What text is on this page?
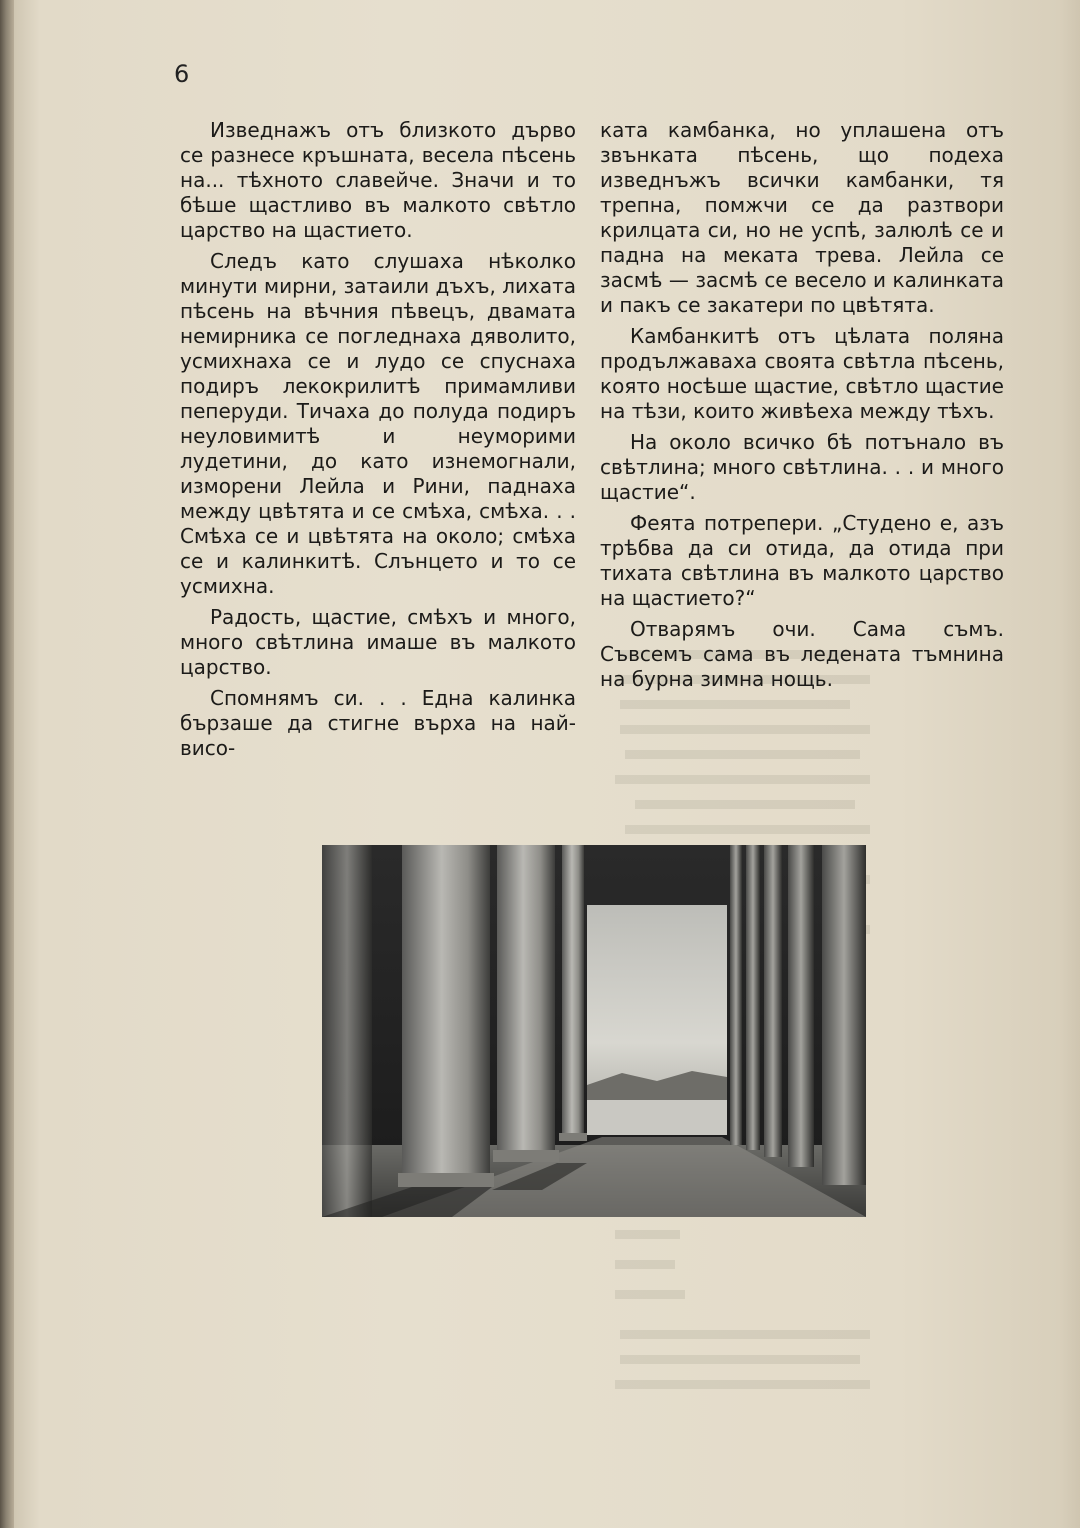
6

Изведнажъ отъ близкото дърво се разнесе кръшната, весела пѣсень на... тѣхното славейче. Значи и то бѣше щастливо въ малкото свѣтло царство на щастието.

Следъ като слушаха нѣколко минути мирни, затаили дъхъ, лихата пѣсень на вѣчния пѣвецъ, двамата немирника се погледнаха дяволито, усмихнаха се и лудо се спуснаха подиръ лекокрилитѣ примамливи пеперуди. Тичаха до полуда подиръ неуловимитѣ и неуморими лудетини, до като изнемогнали, изморени Лейла и Рини, паднаха между цвѣтята и се смѣха, смѣха. . . Смѣха се и цвѣтята на около; смѣха се и калинкитѣ. Слънцето и то се усмихна.

Радость, щастие, смѣхъ и много, много свѣтлина имаше въ малкото царство.

Спомнямъ си. . . Една калинка бързаше да стигне върха на най-висо-

ката камбанка, но уплашена отъ звънката пѣсень, що подеха изведнъжъ всички камбанки, тя трепна, помжчи се да разтвори крилцата си, но не успѣ, залюлѣ се и падна на меката трева. Лейла се засмѣ — засмѣ се весело и калинката и пакъ се закатери по цвѣтята.

Камбанкитѣ отъ цѣлата поляна продължаваха своята свѣтла пѣсень, която носѣше щастие, свѣтло щастие на тѣзи, които живѣеха между тѣхъ.

На около всичко бѣ потънало въ свѣтлина; много свѣтлина. . . и много щастие“.

Феята потрепери. „Студено е, азъ трѣбва да си отида, да отида при тихата свѣтлина въ малкото царство на щастието?“

Отварямъ очи. Сама съмъ. Съвсемъ сама въ ледената тъмнина на бурна зимна нощь.
